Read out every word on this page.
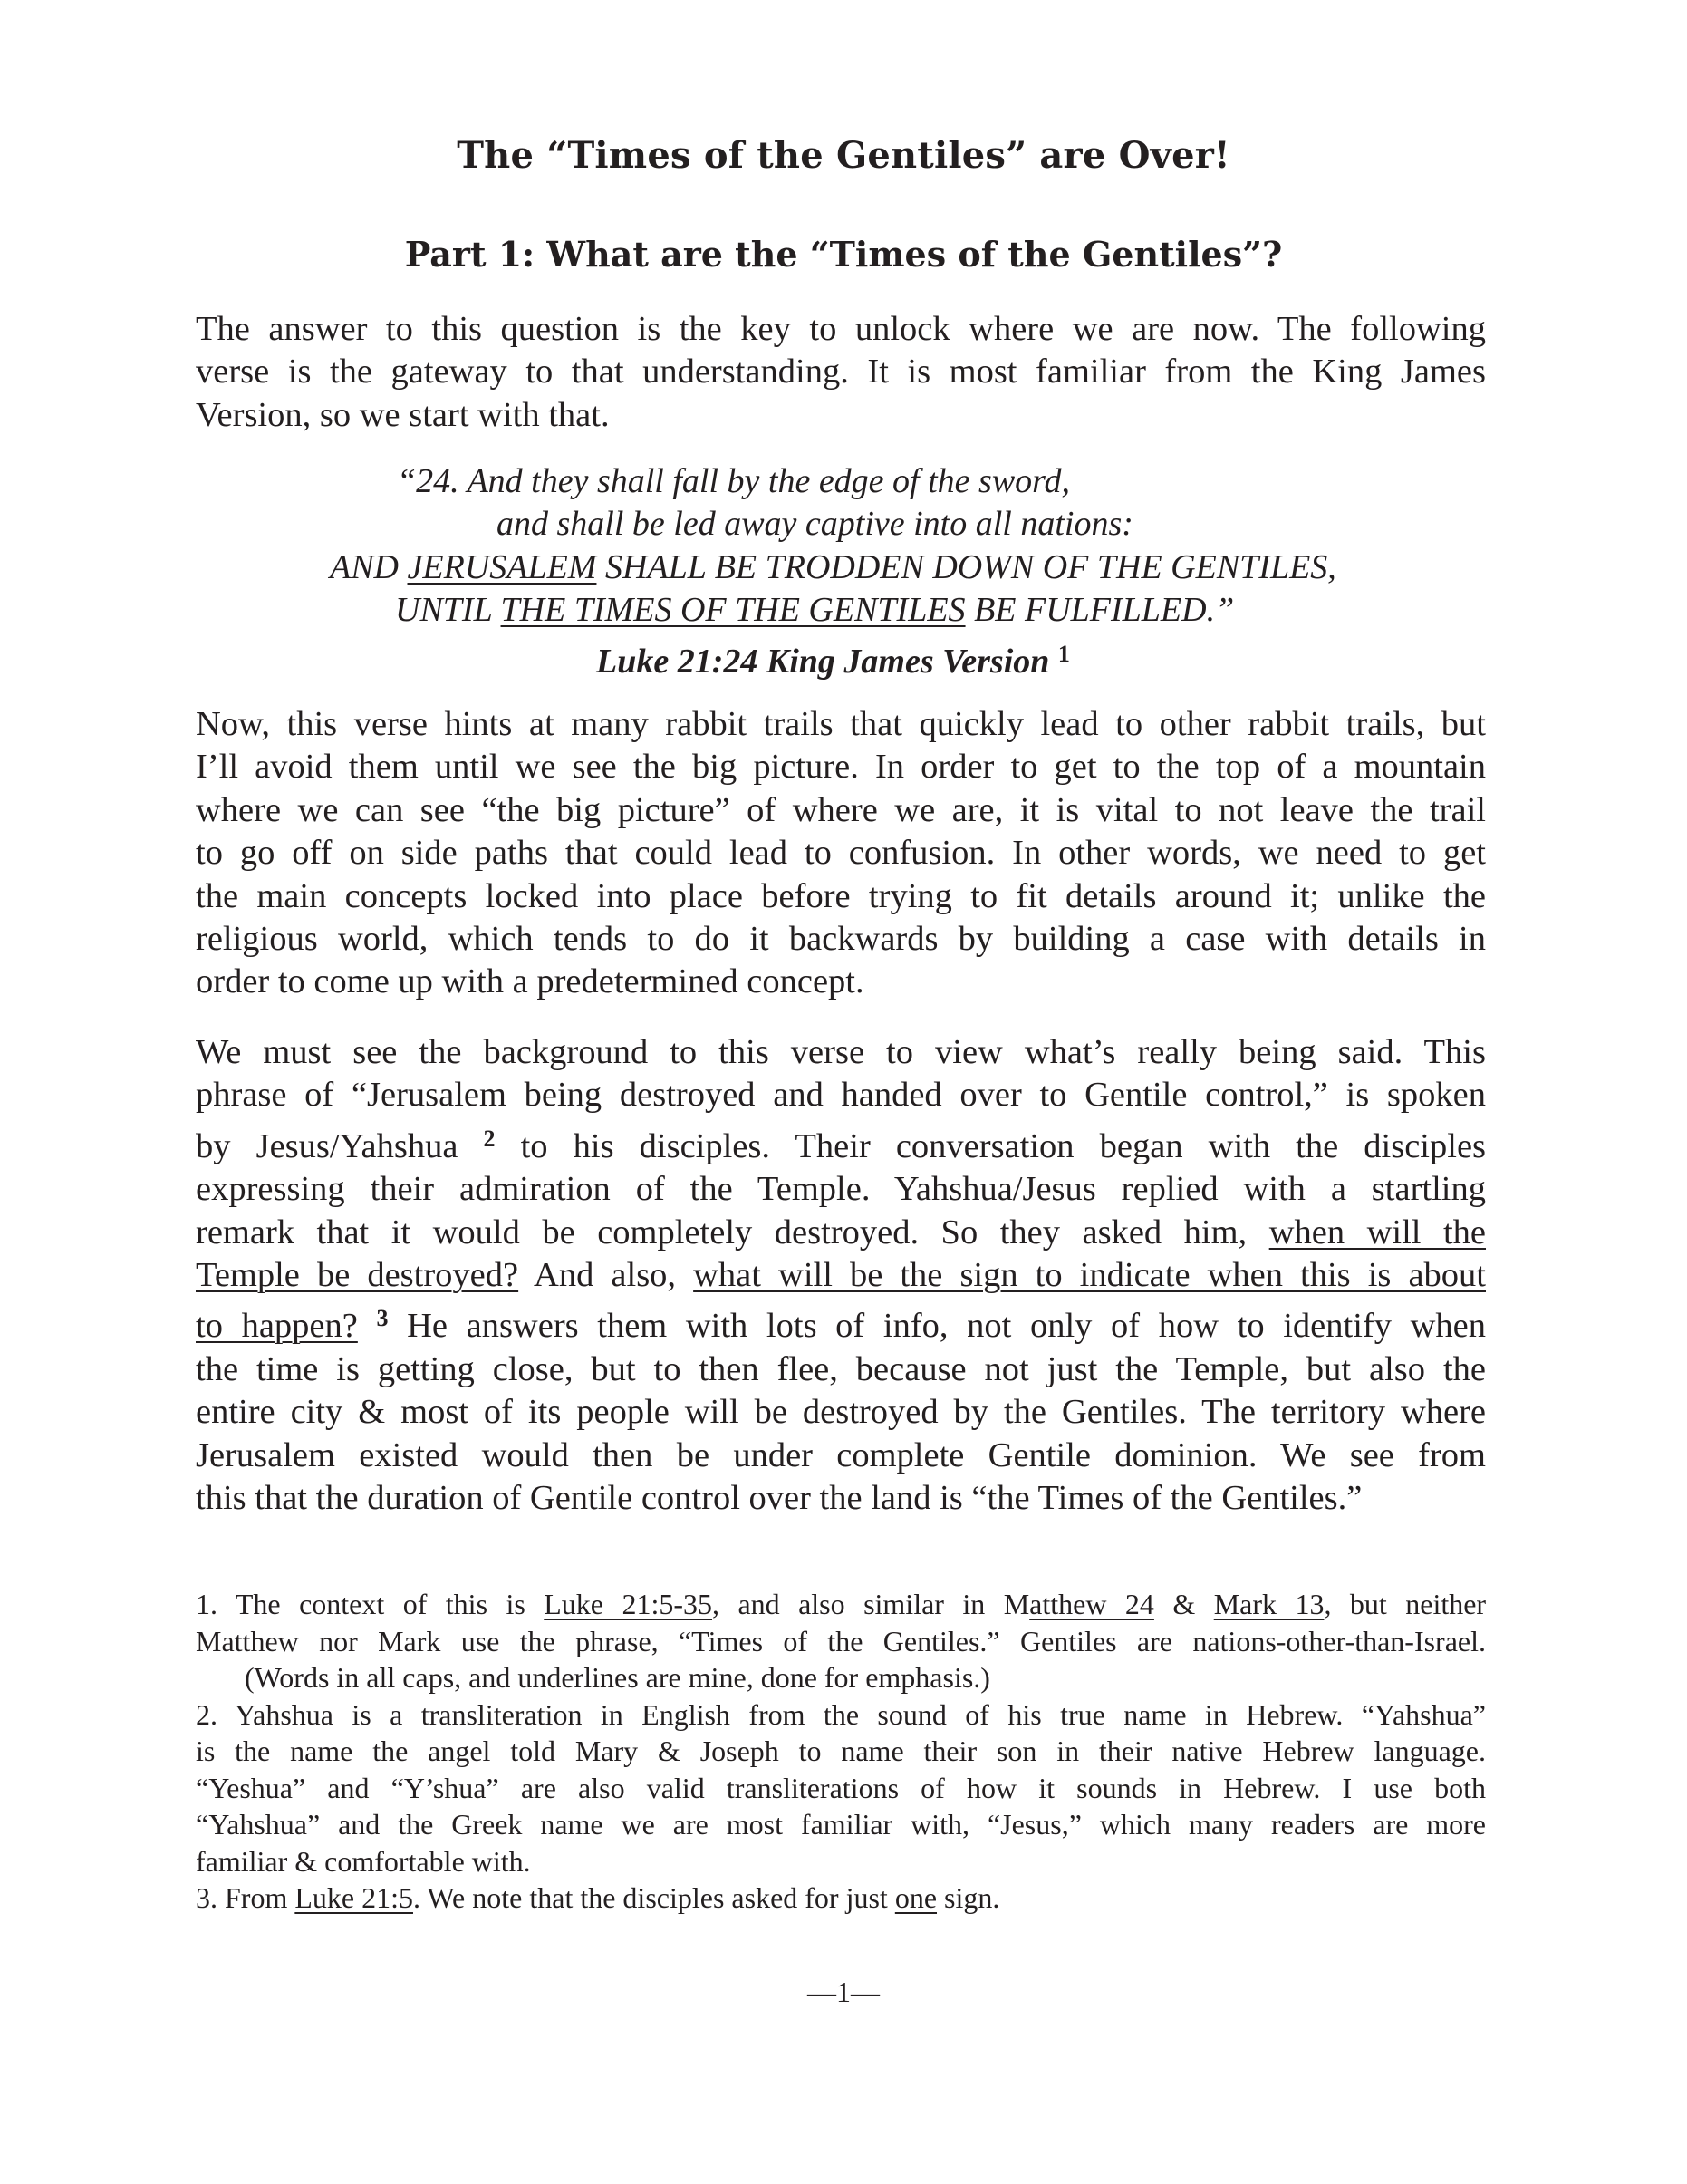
The “Times of the Gentiles” are Over!
Part 1: What are the “Times of the Gentiles”?
The answer to this question is the key to unlock where we are now. The following
verse is the gateway to that understanding. It is most familiar from the King James
Version, so we start with that.
“24. And they shall fall by the edge of the sword,
and shall be led away captive into all nations:
AND JERUSALEM SHALL BE TRODDEN DOWN OF THE GENTILES,
UNTIL THE TIMES OF THE GENTILES BE FULFILLED.”
Luke 21:24 King James Version $^1$
Now, this verse hints at many rabbit trails that quickly lead to other rabbit trails, but
I’ll avoid them until we see the big picture. In order to get to the top of a mountain
where we can see “the big picture” of where we are, it is vital to not leave the trail
to go off on side paths that could lead to confusion. In other words, we need to get
the main concepts locked into place before trying to fit details around it; unlike the
religious world, which tends to do it backwards by building a case with details in
order to come up with a predetermined concept.
We must see the background to this verse to view what’s really being said. This
phrase of “Jerusalem being destroyed and handed over to Gentile control,” is spoken
by Jesus/Yahshua $^2$ to his disciples. Their conversation began with the disciples
expressing their admiration of the Temple. Yahshua/Jesus replied with a startling
remark that it would be completely destroyed. So they asked him, when will the
Temple be destroyed? And also, what will be the sign to indicate when this is about
to happen? $^3$ He answers them with lots of info, not only of how to identify when
the time is getting close, but to then flee, because not just the Temple, but also the
entire city & most of its people will be destroyed by the Gentiles. The territory where
Jerusalem existed would then be under complete Gentile dominion. We see from
this that the duration of Gentile control over the land is “the Times of the Gentiles.”
1. The context of this is Luke 21:5-35, and also similar in Matthew 24 & Mark 13, but neither
Matthew nor Mark use the phrase, “Times of the Gentiles.” Gentiles are nations-other-than-Israel.
(Words in all caps, and underlines are mine, done for emphasis.)
2. Yahshua is a transliteration in English from the sound of his true name in Hebrew. “Yahshua”
is the name the angel told Mary & Joseph to name their son in their native Hebrew language.
“Yeshua” and “Y’shua” are also valid transliterations of how it sounds in Hebrew. I use both
“Yahshua” and the Greek name we are most familiar with, “Jesus,” which many readers are more
familiar & comfortable with.
3. From Luke 21:5. We note that the disciples asked for just one sign.
—1—
